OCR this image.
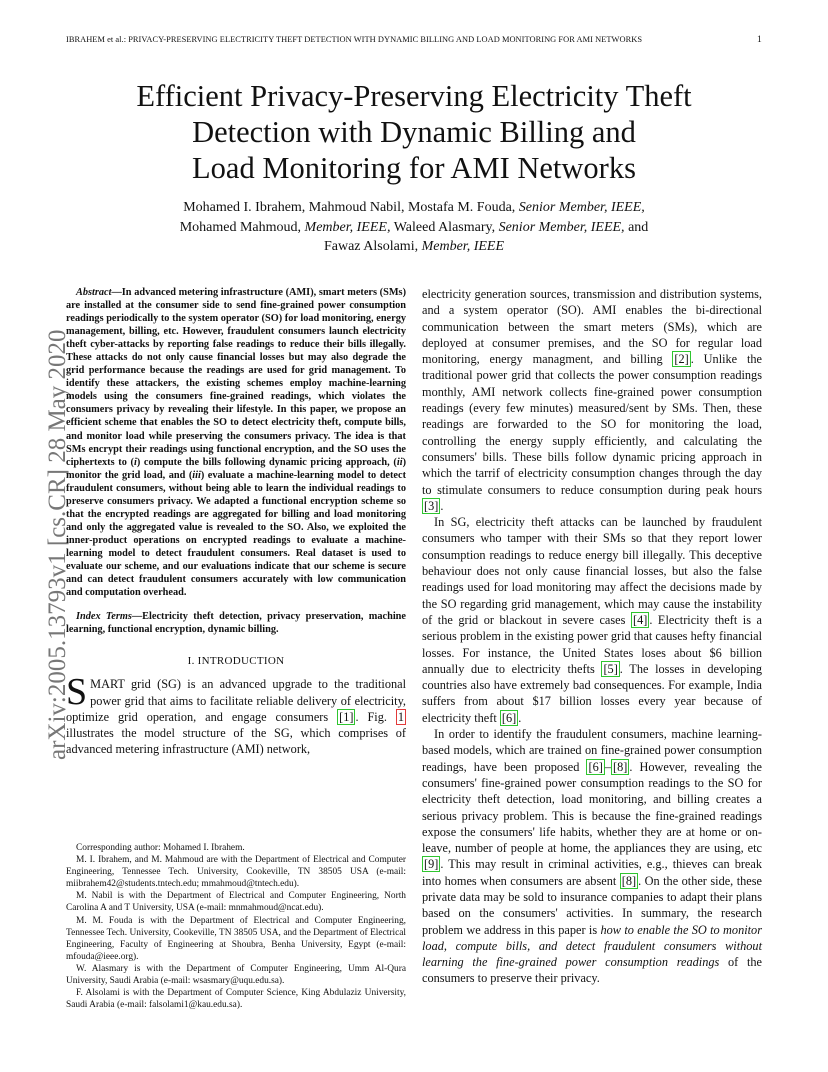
IBRAHEM et al.: PRIVACY-PRESERVING ELECTRICITY THEFT DETECTION WITH DYNAMIC BILLING AND LOAD MONITORING FOR AMI NETWORKS	1
Efficient Privacy-Preserving Electricity Theft
Detection with Dynamic Billing and
Load Monitoring for AMI Networks
Mohamed I. Ibrahem, Mahmoud Nabil, Mostafa M. Fouda, Senior Member, IEEE,
Mohamed Mahmoud, Member, IEEE, Waleed Alasmary, Senior Member, IEEE, and
Fawaz Alsolami, Member, IEEE
arXiv:2005.13793v1 [cs.CR] 28 May 2020

Abstract—In advanced metering infrastructure (AMI), smart meters (SMs) are installed at the consumer side to send fine-grained power consumption readings periodically to the system operator (SO) for load monitoring, energy management, billing, etc. However, fraudulent consumers launch electricity theft cyber-attacks by reporting false readings to reduce their bills illegally. These attacks do not only cause financial losses but may also degrade the grid performance because the readings are used for grid management. To identify these attackers, the existing schemes employ machine-learning models using the consumers fine-grained readings, which violates the consumers privacy by revealing their lifestyle. In this paper, we propose an efficient scheme that enables the SO to detect electricity theft, compute bills, and monitor load while preserving the consumers privacy. The idea is that SMs encrypt their readings using functional encryption, and the SO uses the ciphertexts to (i) compute the bills following dynamic pricing approach, (ii) monitor the grid load, and (iii) evaluate a machine-learning model to detect fraudulent consumers, without being able to learn the individual readings to preserve consumers privacy. We adapted a functional encryption scheme so that the encrypted readings are aggregated for billing and load monitoring and only the aggregated value is revealed to the SO. Also, we exploited the inner-product operations on encrypted readings to evaluate a machine-learning model to detect fraudulent consumers. Real dataset is used to evaluate our scheme, and our evaluations indicate that our scheme is secure and can detect fraudulent consumers accurately with low communication and computation overhead.

Index Terms—Electricity theft detection, privacy preservation, machine learning, functional encryption, dynamic billing.

I. INTRODUCTION

SMART grid (SG) is an advanced upgrade to the traditional power grid that aims to facilitate reliable delivery of electricity, optimize grid operation, and engage consumers [1] . Fig. 1 illustrates the model structure of the SG, which comprises of advanced metering infrastructure (AMI) network,

Corresponding author: Mohamed I. Ibrahem.

M. I. Ibrahem, and M. Mahmoud are with the Department of Electrical and Computer Engineering, Tennessee Tech. University, Cookeville, TN 38505 USA (e-mail: miibrahem42@students.tntech.edu; mmahmoud@tntech.edu).

M. Nabil is with the Department of Electrical and Computer Engineering, North Carolina A and T University, USA (e-mail: mnmahmoud@ncat.edu).

M. M. Fouda is with the Department of Electrical and Computer Engineering, Tennessee Tech. University, Cookeville, TN 38505 USA, and the Department of Electrical Engineering, Faculty of Engineering at Shoubra, Benha University, Egypt (e-mail: mfouda@ieee.org).

W. Alasmary is with the Department of Computer Engineering, Umm Al-Qura University, Saudi Arabia (e-mail: wsasmary@uqu.edu.sa).

F. Alsolami is with the Department of Computer Science, King Abdulaziz University, Saudi Arabia (e-mail: falsolami1@kau.edu.sa).

electricity generation sources, transmission and distribution systems, and a system operator (SO). AMI enables the bi-directional communication between the smart meters (SMs), which are deployed at consumer premises, and the SO for regular load monitoring, energy managment, and billing [2] . Unlike the traditional power grid that collects the power consumption readings monthly, AMI network collects fine-grained power consumption readings (every few minutes) measured/sent by SMs. Then, these readings are forwarded to the SO for monitoring the load, controlling the energy supply efficiently, and calculating the consumers' bills. These bills follow dynamic pricing approach in which the tarrif of electricity consumption changes through the day to stimulate consumers to reduce consumption during peak hours [3] .

In SG, electricity theft attacks can be launched by fraudulent consumers who tamper with their SMs so that they report lower consumption readings to reduce energy bill illegally. This deceptive behaviour does not only cause financial losses, but also the false readings used for load monitoring may affect the decisions made by the SO regarding grid management, which may cause the instability of the grid or blackout in severe cases [4] . Electricity theft is a serious problem in the existing power grid that causes hefty financial losses. For instance, the United States loses about $6 billion annually due to electricity thefts [5] . The losses in developing countries also have extremely bad consequences. For example, India suffers from about $17 billion losses every year because of electricity theft [6] .

In order to identify the fraudulent consumers, machine learning-based models, which are trained on fine-grained power consumption readings, have been proposed [6] – [8] . However, revealing the consumers' fine-grained power consumption readings to the SO for electricity theft detection, load monitoring, and billing creates a serious privacy problem. This is because the fine-grained readings expose the consumers' life habits, whether they are at home or on-leave, number of people at home, the appliances they are using, etc [9] . This may result in criminal activities, e.g., thieves can break into homes when consumers are absent [8] . On the other side, these private data may be sold to insurance companies to adapt their plans based on the consumers' activities. In summary, the research problem we address in this paper is how to enable the SO to monitor load, compute bills, and detect fraudulent consumers without learning the fine-grained power consumption readings of the consumers to preserve their privacy.
